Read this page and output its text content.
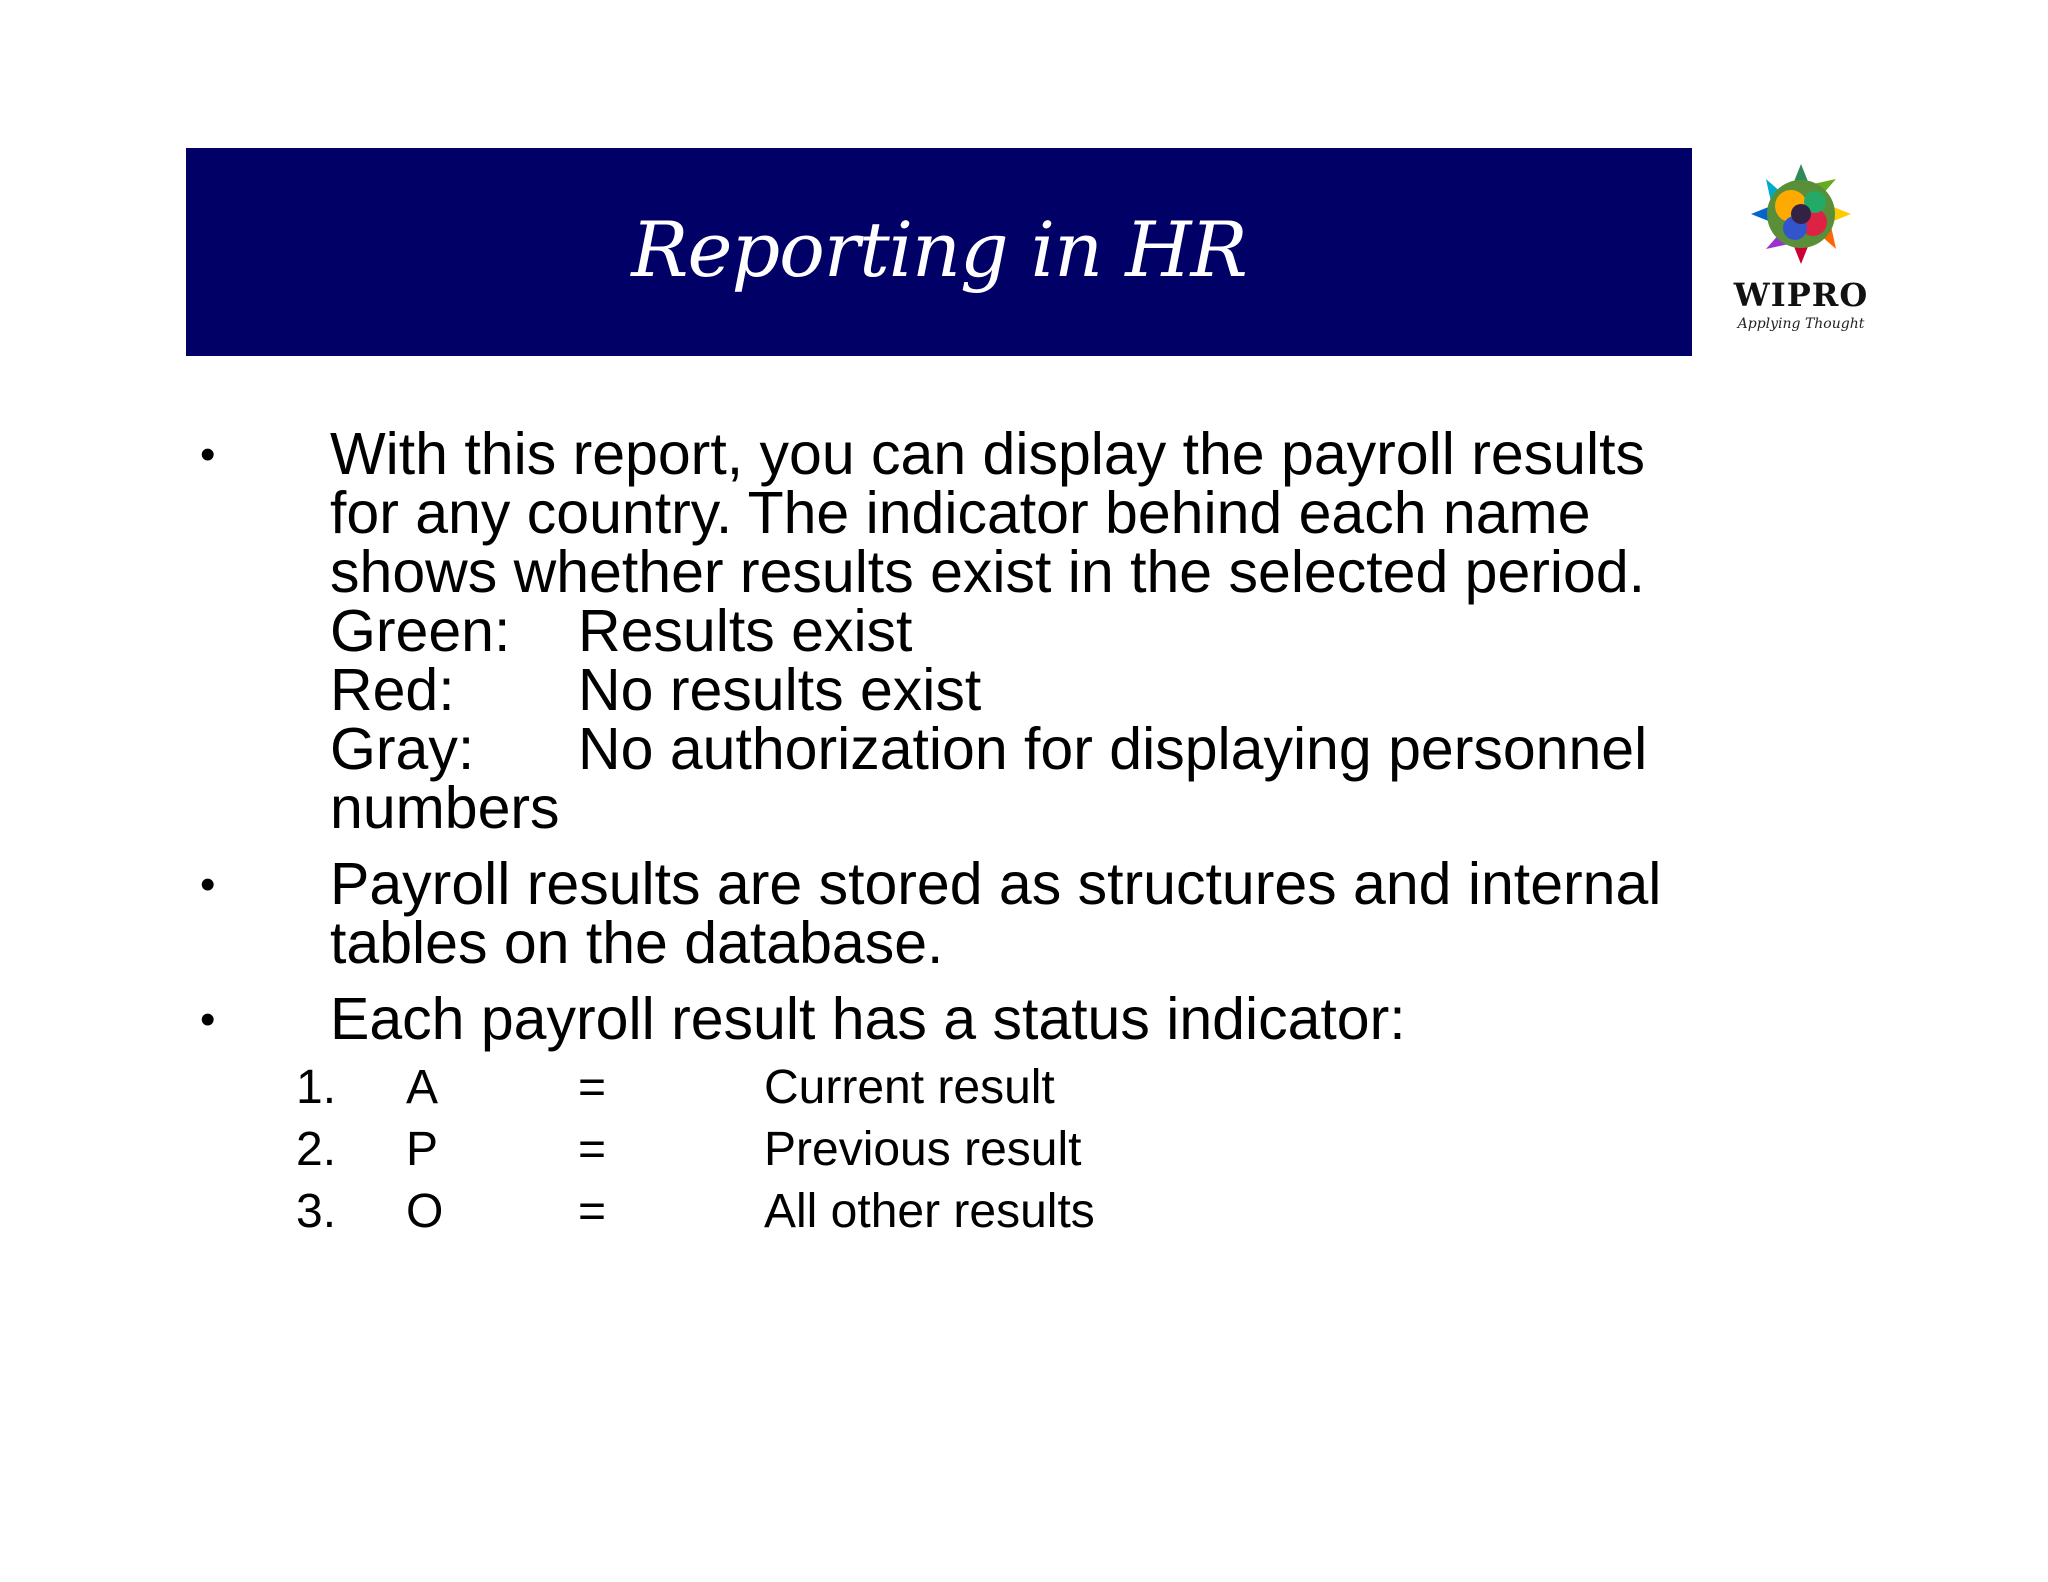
Reporting in HR
WIPRO
Applying Thought
•	With this report, you can display the payroll results
for any country. The indicator behind each name
shows whether results exist in the selected period.
Green: Results exist
Red: No results exist
Gray: No authorization for displaying personnel
numbers
•	Payroll results are stored as structures and internal
tables on the database.
•	Each payroll result has a status indicator:
1. A	=	Current result
2. P	=	Previous result
3. O	=	All other results
